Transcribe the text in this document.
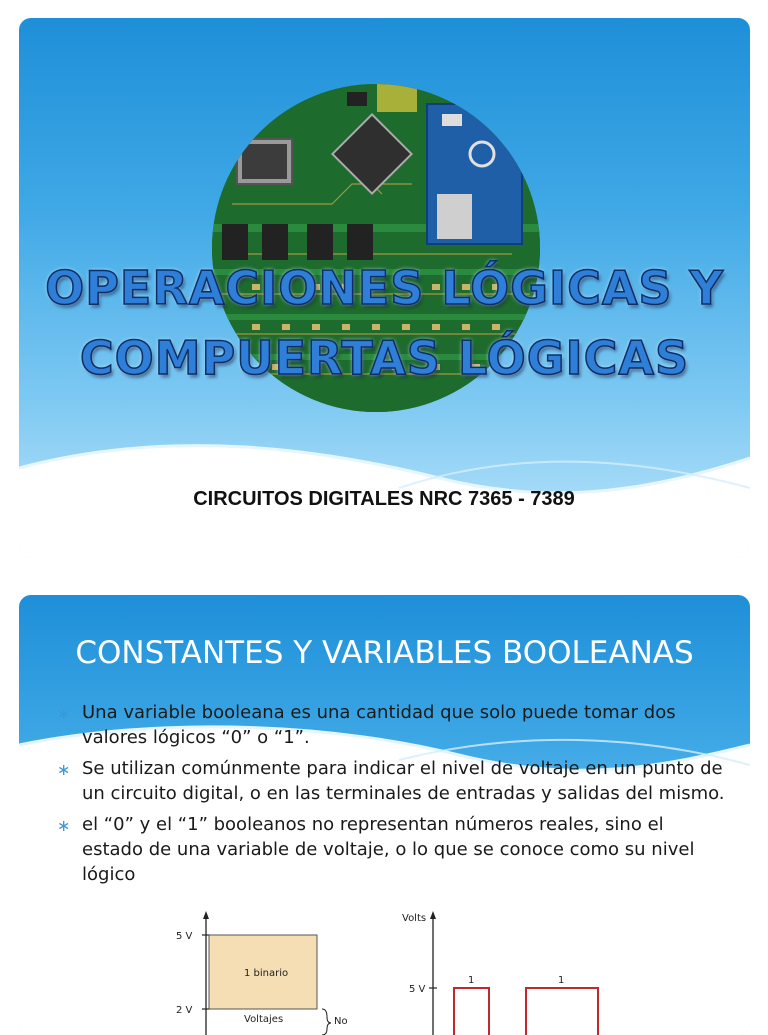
OPERACIONES LÓGICAS Y
COMPUERTAS LÓGICAS
CIRCUITOS DIGITALES NRC 7365 - 7389
CONSTANTES Y VARIABLES BOOLEANAS
∗ Una variable booleana es una cantidad que solo puede tomar dos valores lógicos “0” o “1”.
∗ Se utilizan comúnmente para indicar el nivel de voltaje en un punto de un circuito digital, o en las terminales de entradas y salidas del mismo.
∗ el “0” y el “1” booleanos no representan números reales, sino el estado de una variable de voltaje, o lo que se conoce como su nivel lógico
5 V
2 V
1 binario
Voltajes	No
Volts
5 V
1	1
